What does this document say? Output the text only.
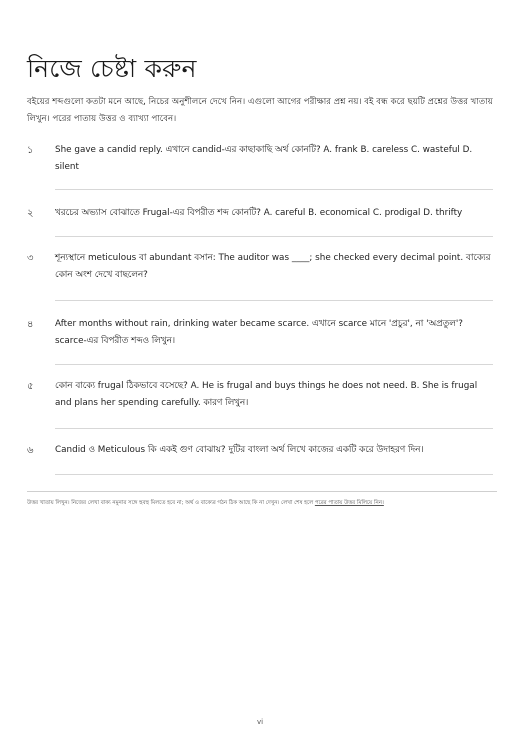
নিজে চেষ্টা করুন

বইয়ের শব্দগুলো কতটা মনে আছে, নিচের অনুশীলনে দেখে নিন। এগুলো আগের পরীক্ষার প্রশ্ন নয়। বই বন্ধ করে ছয়টি প্রশ্নের উত্তর খাতায় লিখুন। পরের পাতায় উত্তর ও ব্যাখ্যা পাবেন।

১	She gave a candid reply. এখানে candid-এর কাছাকাছি অর্থ কোনটি? A. frank B. careless C. wasteful D. silent
২	খরচের অভ্যাস বোঝাতে Frugal-এর বিপরীত শব্দ কোনটি? A. careful B. economical C. prodigal D. thrifty
৩	শূন্যস্থানে meticulous বা abundant বসান: The auditor was ____; she checked every decimal point. বাক্যের কোন অংশ দেখে বাছলেন?
৪	After months without rain, drinking water became scarce. এখানে scarce মানে 'প্রচুর', না 'অপ্রতুল'? scarce-এর বিপরীত শব্দও লিখুন।
৫	কোন বাক্যে frugal ঠিকভাবে বসেছে? A. He is frugal and buys things he does not need. B. She is frugal and plans her spending carefully. কারণ লিখুন।
৬	Candid ও Meticulous কি একই গুণ বোঝায়? দুটির বাংলা অর্থ লিখে কাজের একটি করে উদাহরণ দিন।

উত্তর খাতায় লিখুন। নিজের লেখা বাক্য নমুনার সঙ্গে হুবহু মিলতে হবে না; অর্থ ও বাক্যের গঠন ঠিক আছে কি না দেখুন। লেখা শেষ হলে পরের পাতায় উত্তর মিলিয়ে নিন।

vi
